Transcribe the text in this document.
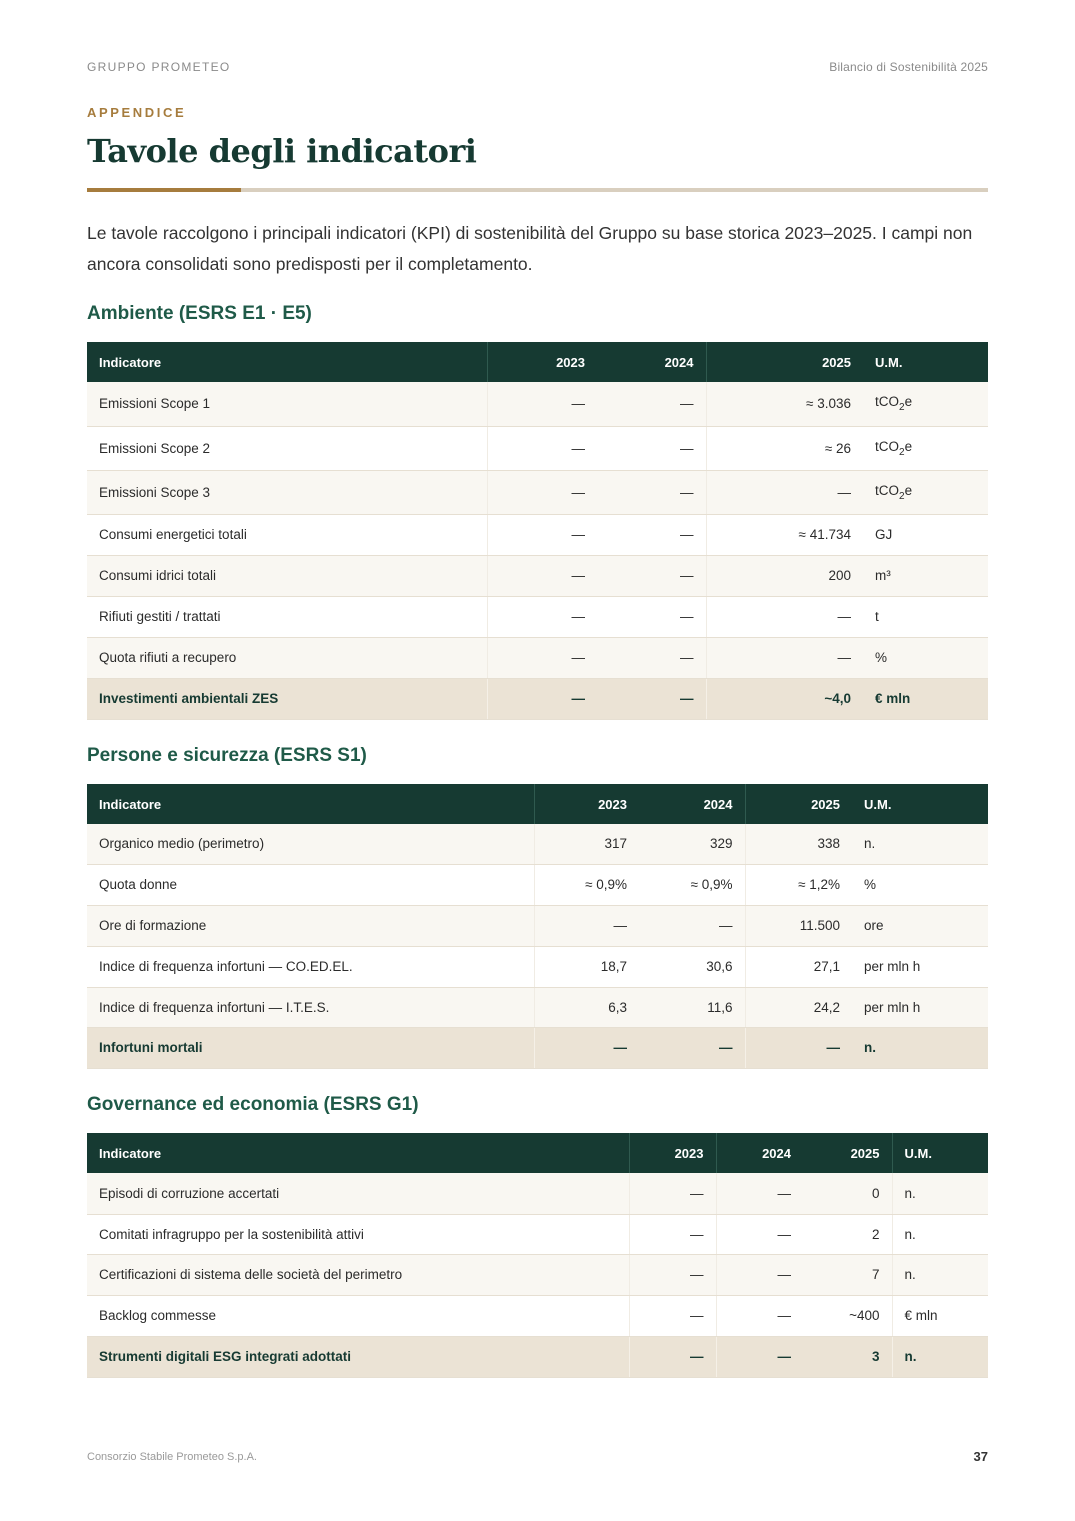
GRUPPO PROMETEO	Bilancio di Sostenibilità 2025
APPENDICE
Tavole degli indicatori

Le tavole raccolgono i principali indicatori (KPI) di sostenibilità del Gruppo su base storica 2023–2025. I campi non ancora consolidati sono predisposti per il completamento.

Ambiente (ESRS E1 · E5)
Indicatore	2023	2024	2025	U.M.
Emissioni Scope 1	—	—	≈ 3.036	tCO$_2$e
Emissioni Scope 2	—	—	≈ 26	tCO$_2$e
Emissioni Scope 3	—	—	—	tCO$_2$e
Consumi energetici totali	—	—	≈ 41.734	GJ
Consumi idrici totali	—	—	200	m³
Rifiuti gestiti / trattati	—	—	—	t
Quota rifiuti a recupero	—	—	—	%
Investimenti ambientali ZES	—	—	~4,0	€ mln
Persone e sicurezza (ESRS S1)
Indicatore	2023	2024	2025	U.M.
Organico medio (perimetro)	317	329	338	n.
Quota donne	≈ 0,9%	≈ 0,9%	≈ 1,2%	%
Ore di formazione	—	—	11.500	ore
Indice di frequenza infortuni — CO.ED.EL.	18,7	30,6	27,1	per mln h
Indice di frequenza infortuni — I.T.E.S.	6,3	11,6	24,2	per mln h
Infortuni mortali	—	—	—	n.
Governance ed economia (ESRS G1)
Indicatore	2023	2024	2025	U.M.
Episodi di corruzione accertati	—	—	0	n.
Comitati infragruppo per la sostenibilità attivi	—	—	2	n.
Certificazioni di sistema delle società del perimetro	—	—	7	n.
Backlog commesse	—	—	~400	€ mln
Strumenti digitali ESG integrati adottati	—	—	3	n.
Consorzio Stabile Prometeo S.p.A.	37
